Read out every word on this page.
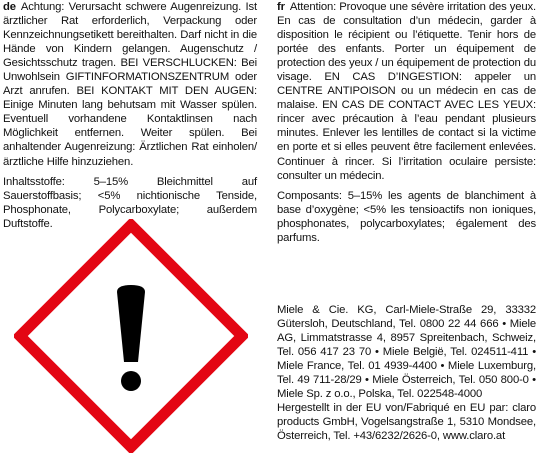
de Achtung: Verursacht schwere Augenreizung. Ist ärztlicher Rat erforderlich, Verpackung oder Kennzeichnungsetikett bereithalten. Darf nicht in die Hände von Kindern gelangen. Augenschutz / Gesichtsschutz tragen. BEI VERSCHLUCKEN: Bei Unwohlsein GIFTINFORMATIONSZENTRUM oder Arzt anrufen. BEI KONTAKT MIT DEN AUGEN: Einige Minuten lang behutsam mit Wasser spülen. Eventuell vorhandene Kontaktlinsen nach Möglichkeit entfernen. Weiter spülen. Bei anhaltender Augenreizung: Ärztlichen Rat einholen/ärztliche Hilfe hinzuziehen.

Inhaltsstoffe: 5–15% Bleichmittel auf Sauerstoffbasis; <5% nichtionische Tenside, Phosphonate, Polycarboxylate; außerdem Duftstoffe.

fr Attention: Provoque une sévère irritation des yeux. En cas de consultation d’un médecin, garder à disposition le récipient ou l’étiquette. Tenir hors de portée des enfants. Porter un équipement de protection des yeux / un équipement de protection du visage. EN CAS D’INGESTION: appeler un CENTRE ANTIPOISON ou un médecin en cas de malaise. EN CAS DE CONTACT AVEC LES YEUX: rincer avec précaution à l’eau pendant plusieurs minutes. Enlever les lentilles de contact si la victime en porte et si elles peuvent être facilement enlevées. Continuer à rincer. Si l’irritation oculaire persiste: consulter un médecin.

Composants: 5–15% les agents de blanchiment à base d’oxygène; <5% les tensioactifs non ioniques, phosphonates, polycarboxylates; également des parfums.

Miele & Cie. KG, Carl-Miele-Straße 29, 33332 Gütersloh, Deutschland, Tel. 0800 22 44 666 • Miele AG, Limmatstrasse 4, 8957 Spreitenbach, Schweiz, Tel. 056 417 23 70 • Miele België, Tel. 024511-411 • Miele France, Tel. 01 4939-4400 • Miele Luxemburg, Tel. 49 711-28/29 • Miele Österreich, Tel. 050 800-0 • Miele Sp. z o.o., Polska, Tel. 022548-4000

Hergestellt in der EU von/Fabriqué en EU par: claro products GmbH, Vogelsangstraße 1, 5310 Mondsee, Österreich, Tel. +43/6232/2626-0, www.claro.at
